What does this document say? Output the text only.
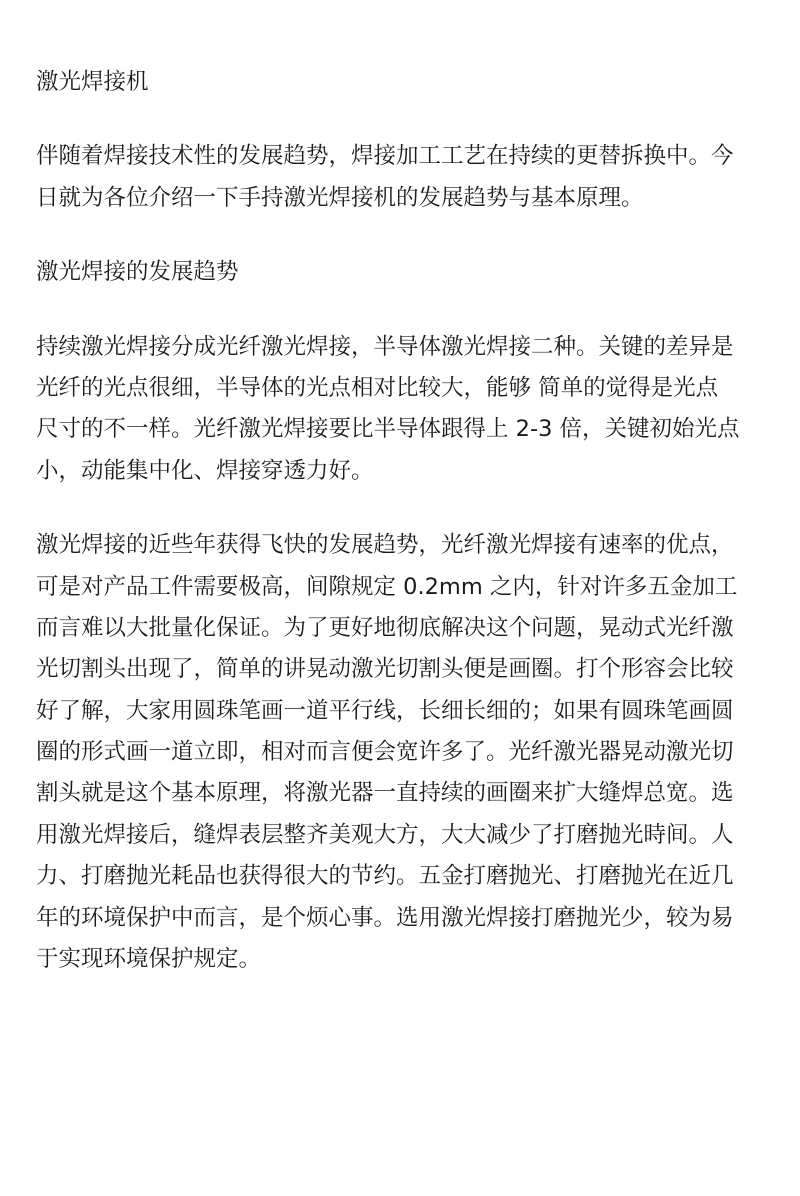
激光焊接机

伴随着焊接技术性的发展趋势，焊接加工工艺在持续的更替拆换中。今
日就为各位介绍一下手持激光焊接机的发展趋势与基本原理。

激光焊接的发展趋势

持续激光焊接分成光纤激光焊接，半导体激光焊接二种。关键的差异是
光纤的光点很细，半导体的光点相对比较大，能够 简单的觉得是光点
尺寸的不一样。光纤激光焊接要比半导体跟得上 2-3 倍，关键初始光点
小，动能集中化、焊接穿透力好。

激光焊接的近些年获得飞快的发展趋势，光纤激光焊接有速率的优点，
可是对产品工件需要极高，间隙规定 0.2mm 之内，针对许多五金加工
而言难以大批量化保证。为了更好地彻底解决这个问题，晃动式光纤激
光切割头出现了，简单的讲晃动激光切割头便是画圈。打个形容会比较
好了解，大家用圆珠笔画一道平行线，长细长细的；如果有圆珠笔画圆
圈的形式画一道立即，相对而言便会宽许多了。光纤激光器晃动激光切
割头就是这个基本原理，将激光器一直持续的画圈来扩大缝焊总宽。选
用激光焊接后，缝焊表层整齐美观大方，大大减少了打磨抛光時间。人
力、打磨抛光耗品也获得很大的节约。五金打磨抛光、打磨抛光在近几
年的环境保护中而言，是个烦心事。选用激光焊接打磨抛光少，较为易
于实现环境保护规定。
